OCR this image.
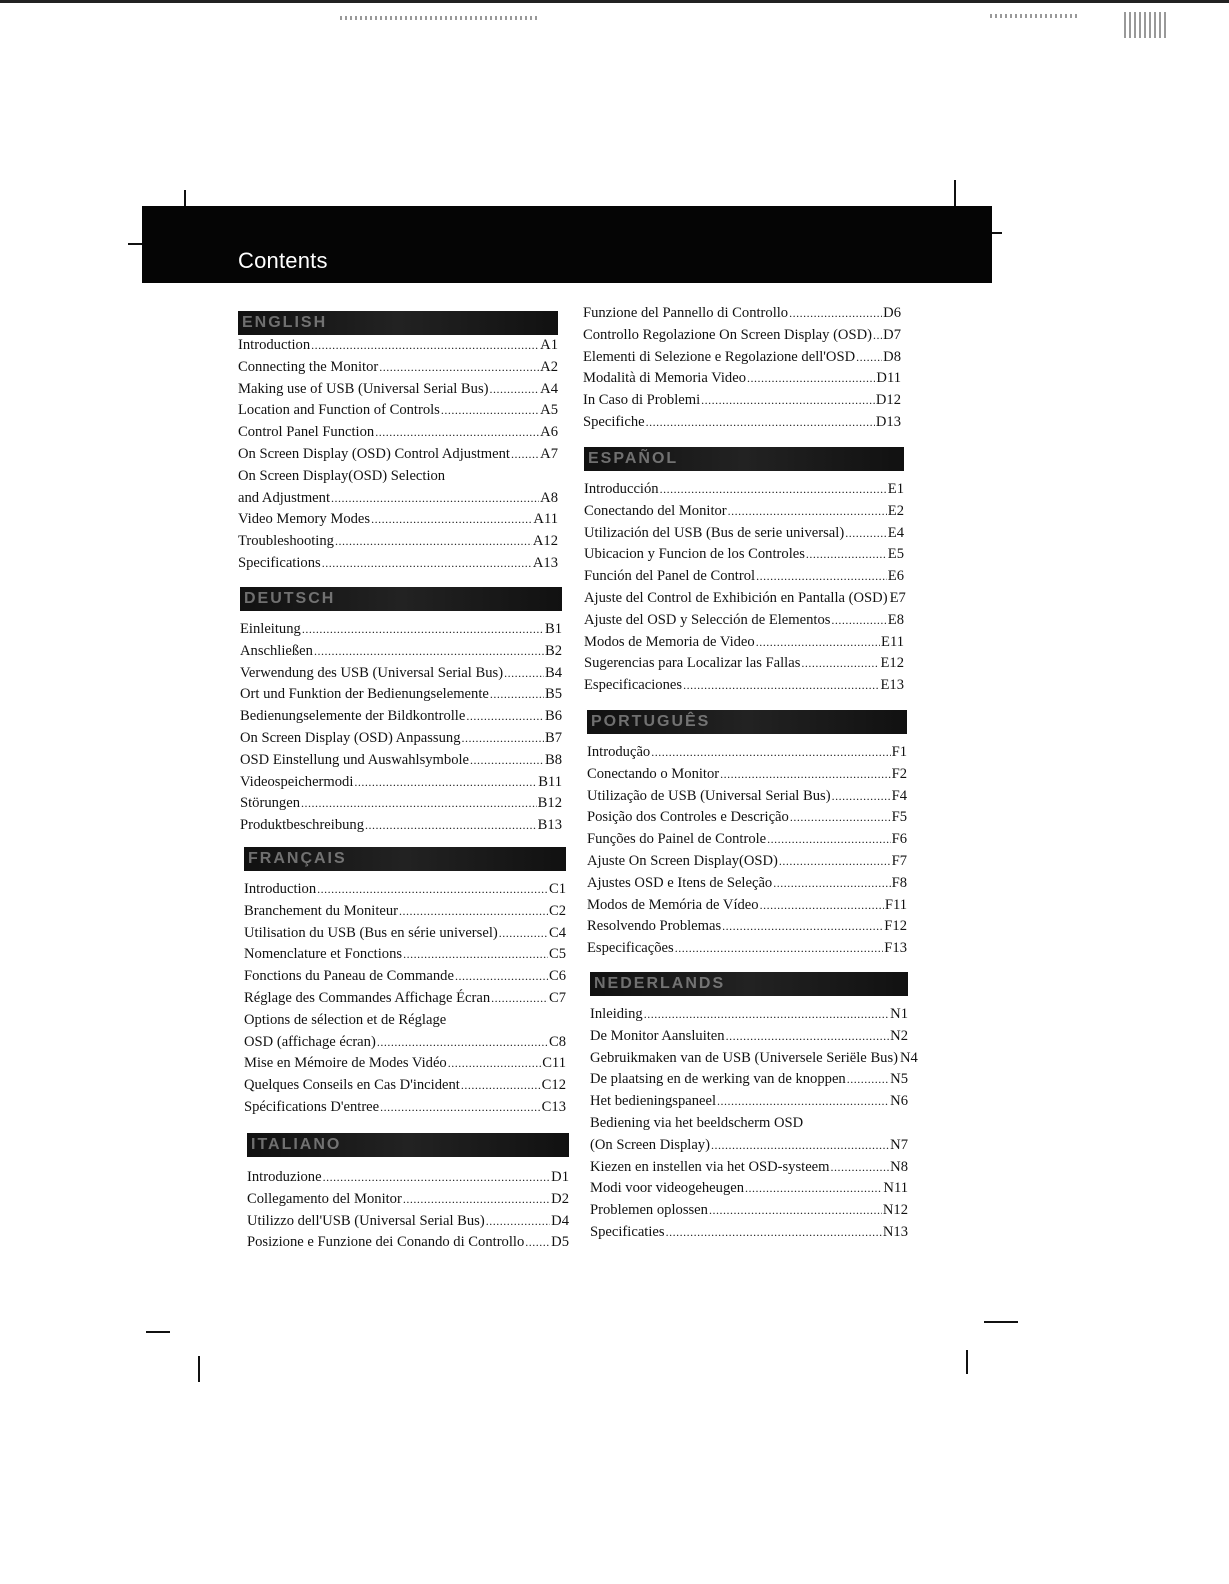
Contents
ENGLISH
Introduction .....	A1
Connecting the Monitor .....	A2
Making use of USB (Universal Serial Bus) .....	A4
Location and Function of Controls .....	A5
Control Panel Function .....	A6
On Screen Display (OSD) Control Adjustment ..... A7
On Screen Display(OSD) Selection
and Adjustment .....	A8
Video Memory Modes .....	A11
Troubleshooting .....	A12
Specifications .....	A13
DEUTSCH
Einleitung .....	B1
Anschließen .....	B2
Verwendung des USB (Universal Serial Bus) .....	B4
Ort und Funktion der Bedienungselemente .....	B5
Bedienungselemente der Bildkontrolle .....	B6
On Screen Display (OSD) Anpassung .....	B7
OSD Einstellung und Auswahlsymbole .....	B8
Videospeichermodi .....	B11
Störungen .....	B12
Produktbeschreibung .....	B13
FRANÇAIS
Introduction .....	C1
Branchement du Moniteur .....	C2
Utilisation du USB (Bus en série universel) .....	C4
Nomenclature et Fonctions .....	C5
Fonctions du Paneau de Commande .....	C6
Réglage des Commandes Affichage Écran .....	C7
Options de sélection et de Réglage
OSD (affichage écran) .....	C8
Mise en Mémoire de Modes Vidéo .....	C11
Quelques Conseils en Cas D'incident .....	C12
Spécifications D'entree .....	C13
ITALIANO
Introduzione .....	D1
Collegamento del Monitor .....	D2
Utilizzo dell'USB (Universal Serial Bus) .....	D4
Posizione e Funzione dei Conando di Controllo ..... D5
Funzione del Pannello di Controllo .....	D6
Controllo Regolazione On Screen Display (OSD) ..... D7
Elementi di Selezione e Regolazione dell'OSD ..... D8
Modalità di Memoria Video .....	D11
In Caso di Problemi .....	D12
Specifiche .....	D13
ESPAÑOL
Introducción .....	E1
Conectando del Monitor .....	E2
Utilización del USB (Bus de serie universal) .....	E4
Ubicacion y Funcion de los Controles .....	E5
Función del Panel de Control .....	E6
Ajuste del Control de Exhibición en Pantalla (OSD) E7
Ajuste del OSD y Selección de Elementos .....	E8
Modos de Memoria de Video .....	E11
Sugerencias para Localizar las Fallas .....	E12
Especificaciones .....	E13
PORTUGUÊS
Introdução .....	F1
Conectando o Monitor .....	F2
Utilização de USB (Universal Serial Bus) .....	F4
Posição dos Controles e Descrição .....	F5
Funções do Painel de Controle .....	F6
Ajuste On Screen Display(OSD) .....	F7
Ajustes OSD e Itens de Seleção .....	F8
Modos de Memória de Vídeo .....	F11
Resolvendo Problemas .....	F12
Especificações .....	F13
NEDERLANDS
Inleiding .....	N1
De Monitor Aansluiten .....	N2
Gebruikmaken van de USB (Universele Seriële Bus) N4
De plaatsing en de werking van de knoppen .....	N5
Het bedieningspaneel .....	N6
Bediening via het beeldscherm OSD
(On Screen Display) .....	N7
Kiezen en instellen via het OSD-systeem .....	N8
Modi voor videogeheugen .....	N11
Problemen oplossen .....	N12
Specificaties .....	N13
